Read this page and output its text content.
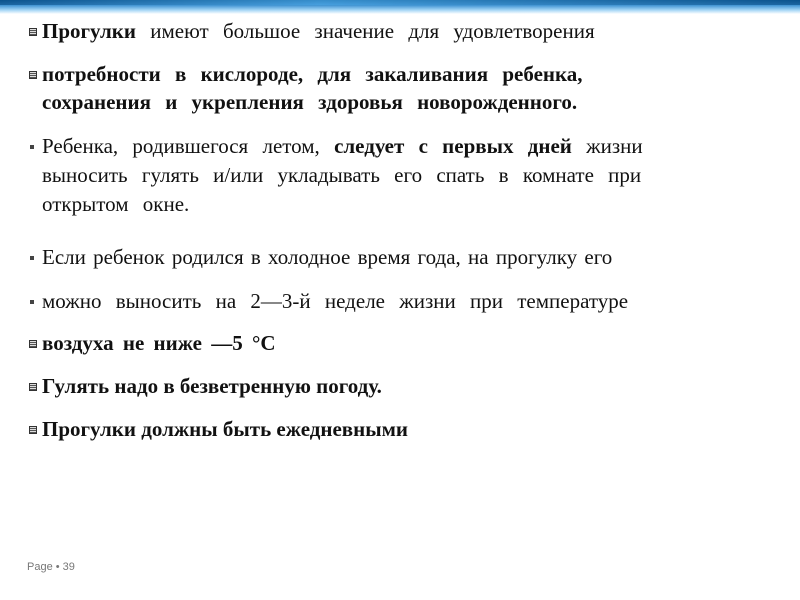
Прогулки имеют большое значение для удовлетворения
потребности в кислороде, для закаливания ребенка,
сохранения и укрепления здоровья новорожденного.
Ребенка, родившегося летом, следует с первых дней жизни
выносить гулять и/или укладывать его спать в комнате при
открытом окне.
Если ребенок родился в холодное время года, на прогулку его
можно выносить на 2—3-й неделе жизни при температуре
воздуха не ниже —5 °С
Гулять надо в безветренную погоду.
Прогулки должны быть ежедневными
Page • 39
